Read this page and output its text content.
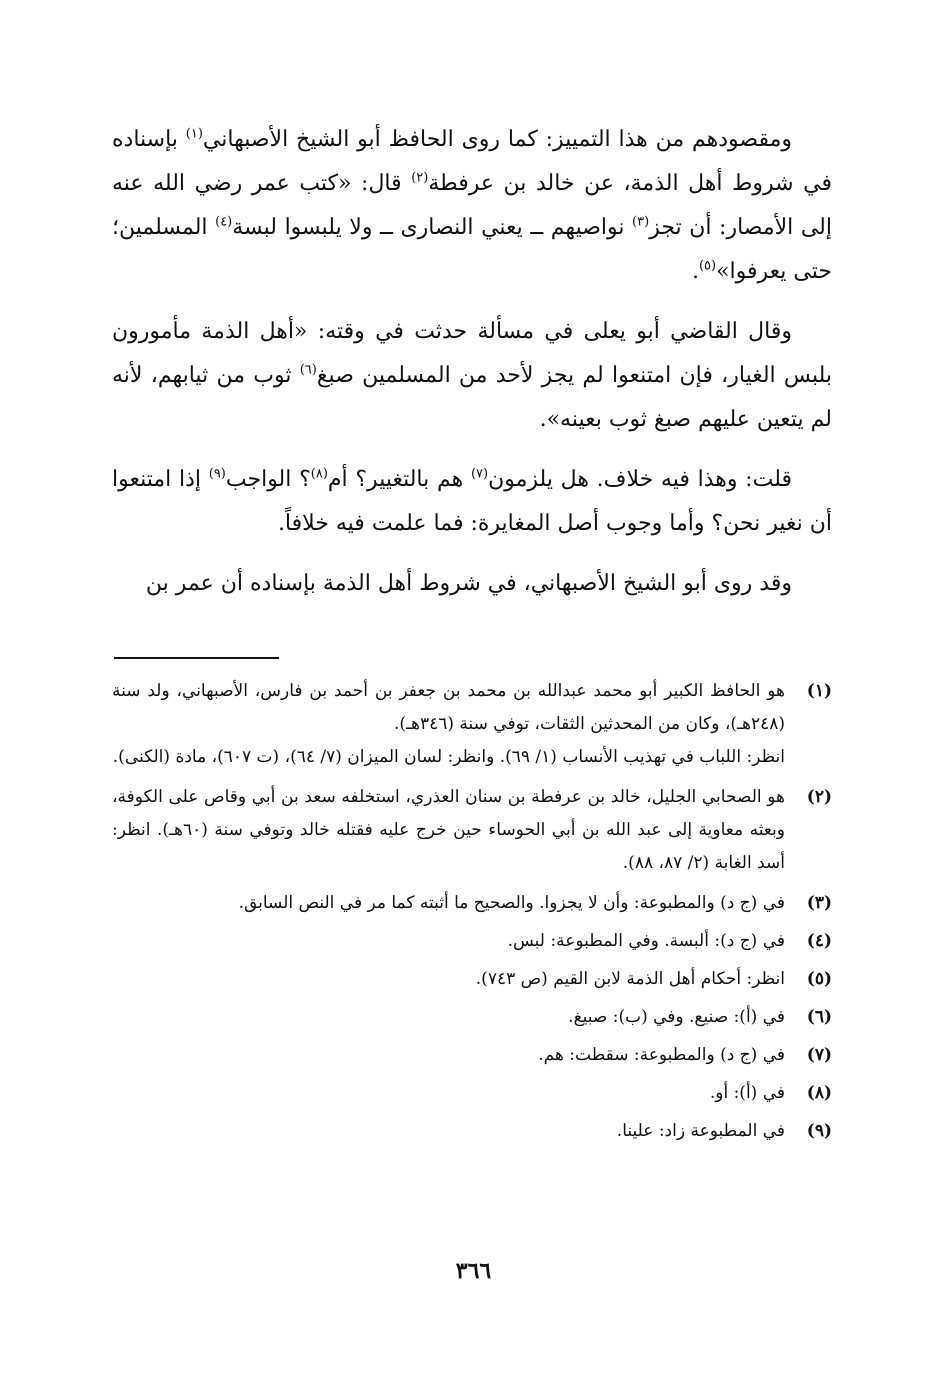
ومقصودهم من هذا التمييز: كما روى الحافظ أبو الشيخ الأصبهاني$^{(١)}$ بإسناده في شروط أهل الذمة، عن خالد بن عرفطة$^{(٢)}$ قال: «كتب عمر رضي الله عنه إلى الأمصار: أن تجز$^{(٣)}$ نواصيهم ــ يعني النصارى ــ ولا يلبسوا لبسة$^{(٤)}$ المسلمين؛ حتى يعرفوا»$^{(٥)}$.

وقال القاضي أبو يعلى في مسألة حدثت في وقته: «أهل الذمة مأمورون بلبس الغيار، فإن امتنعوا لم يجز لأحد من المسلمين صبغ$^{(٦)}$ ثوب من ثيابهم، لأنه لم يتعين عليهم صبغ ثوب بعينه».

قلت: وهذا فيه خلاف. هل يلزمون$^{(٧)}$ هم بالتغيير؟ أم$^{(٨)}$؟ الواجب$^{(٩)}$ إذا امتنعوا أن نغير نحن؟ وأما وجوب أصل المغايرة: فما علمت فيه خلافاً.

وقد روى أبو الشيخ الأصبهاني، في شروط أهل الذمة بإسناده أن عمر بن

(١)
هو الحافظ الكبير أبو محمد عبدالله بن محمد بن جعفر بن أحمد بن فارس، الأصبهاني، ولد سنة (٢٤٨هـ)، وكان من المحدثين الثقات، توفي سنة (٣٤٦هـ).
انظر: اللباب في تهذيب الأنساب (١/ ٦٩). وانظر: لسان الميزان (٧/ ٦٤)، (ت ٦٠٧)، مادة (الكنى).
(٢)
هو الصحابي الجليل، خالد بن عرفطة بن سنان العذري، استخلفه سعد بن أبي وقاص على الكوفة، وبعثه معاوية إلى عبد الله بن أبي الحوساء حين خرج عليه فقتله خالد وتوفي سنة (٦٠هـ). انظر: أسد الغابة (٢/ ٨٧، ٨٨).
(٣)
في (ج د) والمطبوعة: وأن لا يجزوا. والصحيح ما أثبته كما مر في النص السابق.
(٤)
في (ج د): ألبسة. وفي المطبوعة: لبس.
(٥)
انظر: أحكام أهل الذمة لابن القيم (ص ٧٤٣).
(٦)
في (أ): صنيع. وفي (ب): صبيغ.
(٧)
في (ج د) والمطبوعة: سقطت: هم.
(٨)
في (أ): أو.
(٩)
في المطبوعة زاد: علينا.
٣٦٦
